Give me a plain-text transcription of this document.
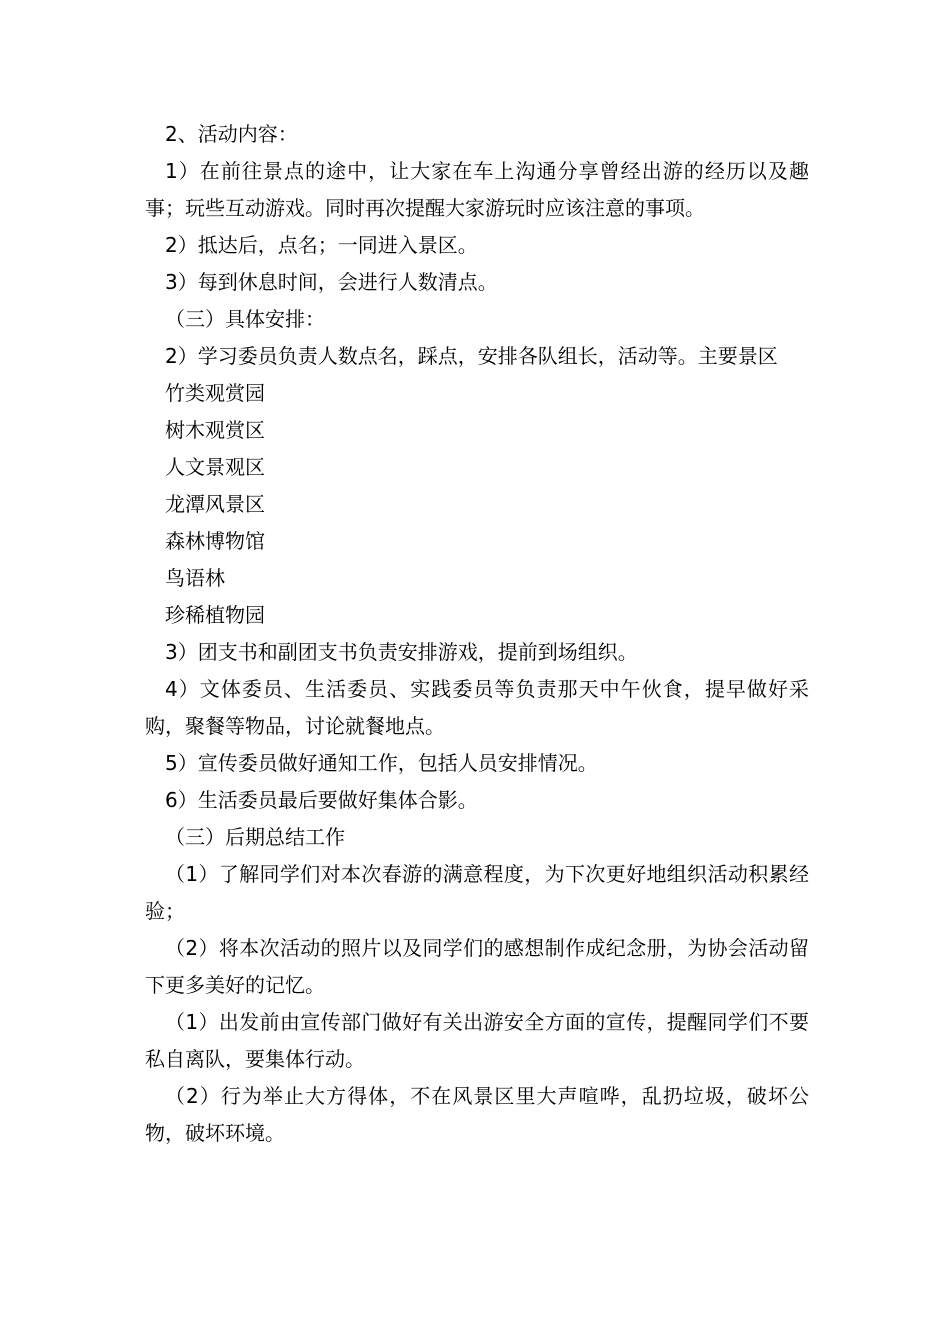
2、活动内容：

1）在前往景点的途中，让大家在车上沟通分享曾经出游的经历以及趣事；玩些互动游戏。同时再次提醒大家游玩时应该注意的事项。

2）抵达后，点名；一同进入景区。

3）每到休息时间，会进行人数清点。

（三）具体安排：

2）学习委员负责人数点名，踩点，安排各队组长，活动等。主要景区

竹类观赏园

树木观赏区

人文景观区

龙潭风景区

森林博物馆

鸟语林

珍稀植物园

3）团支书和副团支书负责安排游戏，提前到场组织。

4）文体委员、生活委员、实践委员等负责那天中午伙食，提早做好采购，聚餐等物品，讨论就餐地点。

5）宣传委员做好通知工作，包括人员安排情况。

6）生活委员最后要做好集体合影。

（三）后期总结工作

（1）了解同学们对本次春游的满意程度，为下次更好地组织活动积累经验；

（2）将本次活动的照片以及同学们的感想制作成纪念册，为协会活动留下更多美好的记忆。

（1）出发前由宣传部门做好有关出游安全方面的宣传，提醒同学们不要私自离队，要集体行动。

（2）行为举止大方得体，不在风景区里大声喧哗，乱扔垃圾，破坏公物，破坏环境。
